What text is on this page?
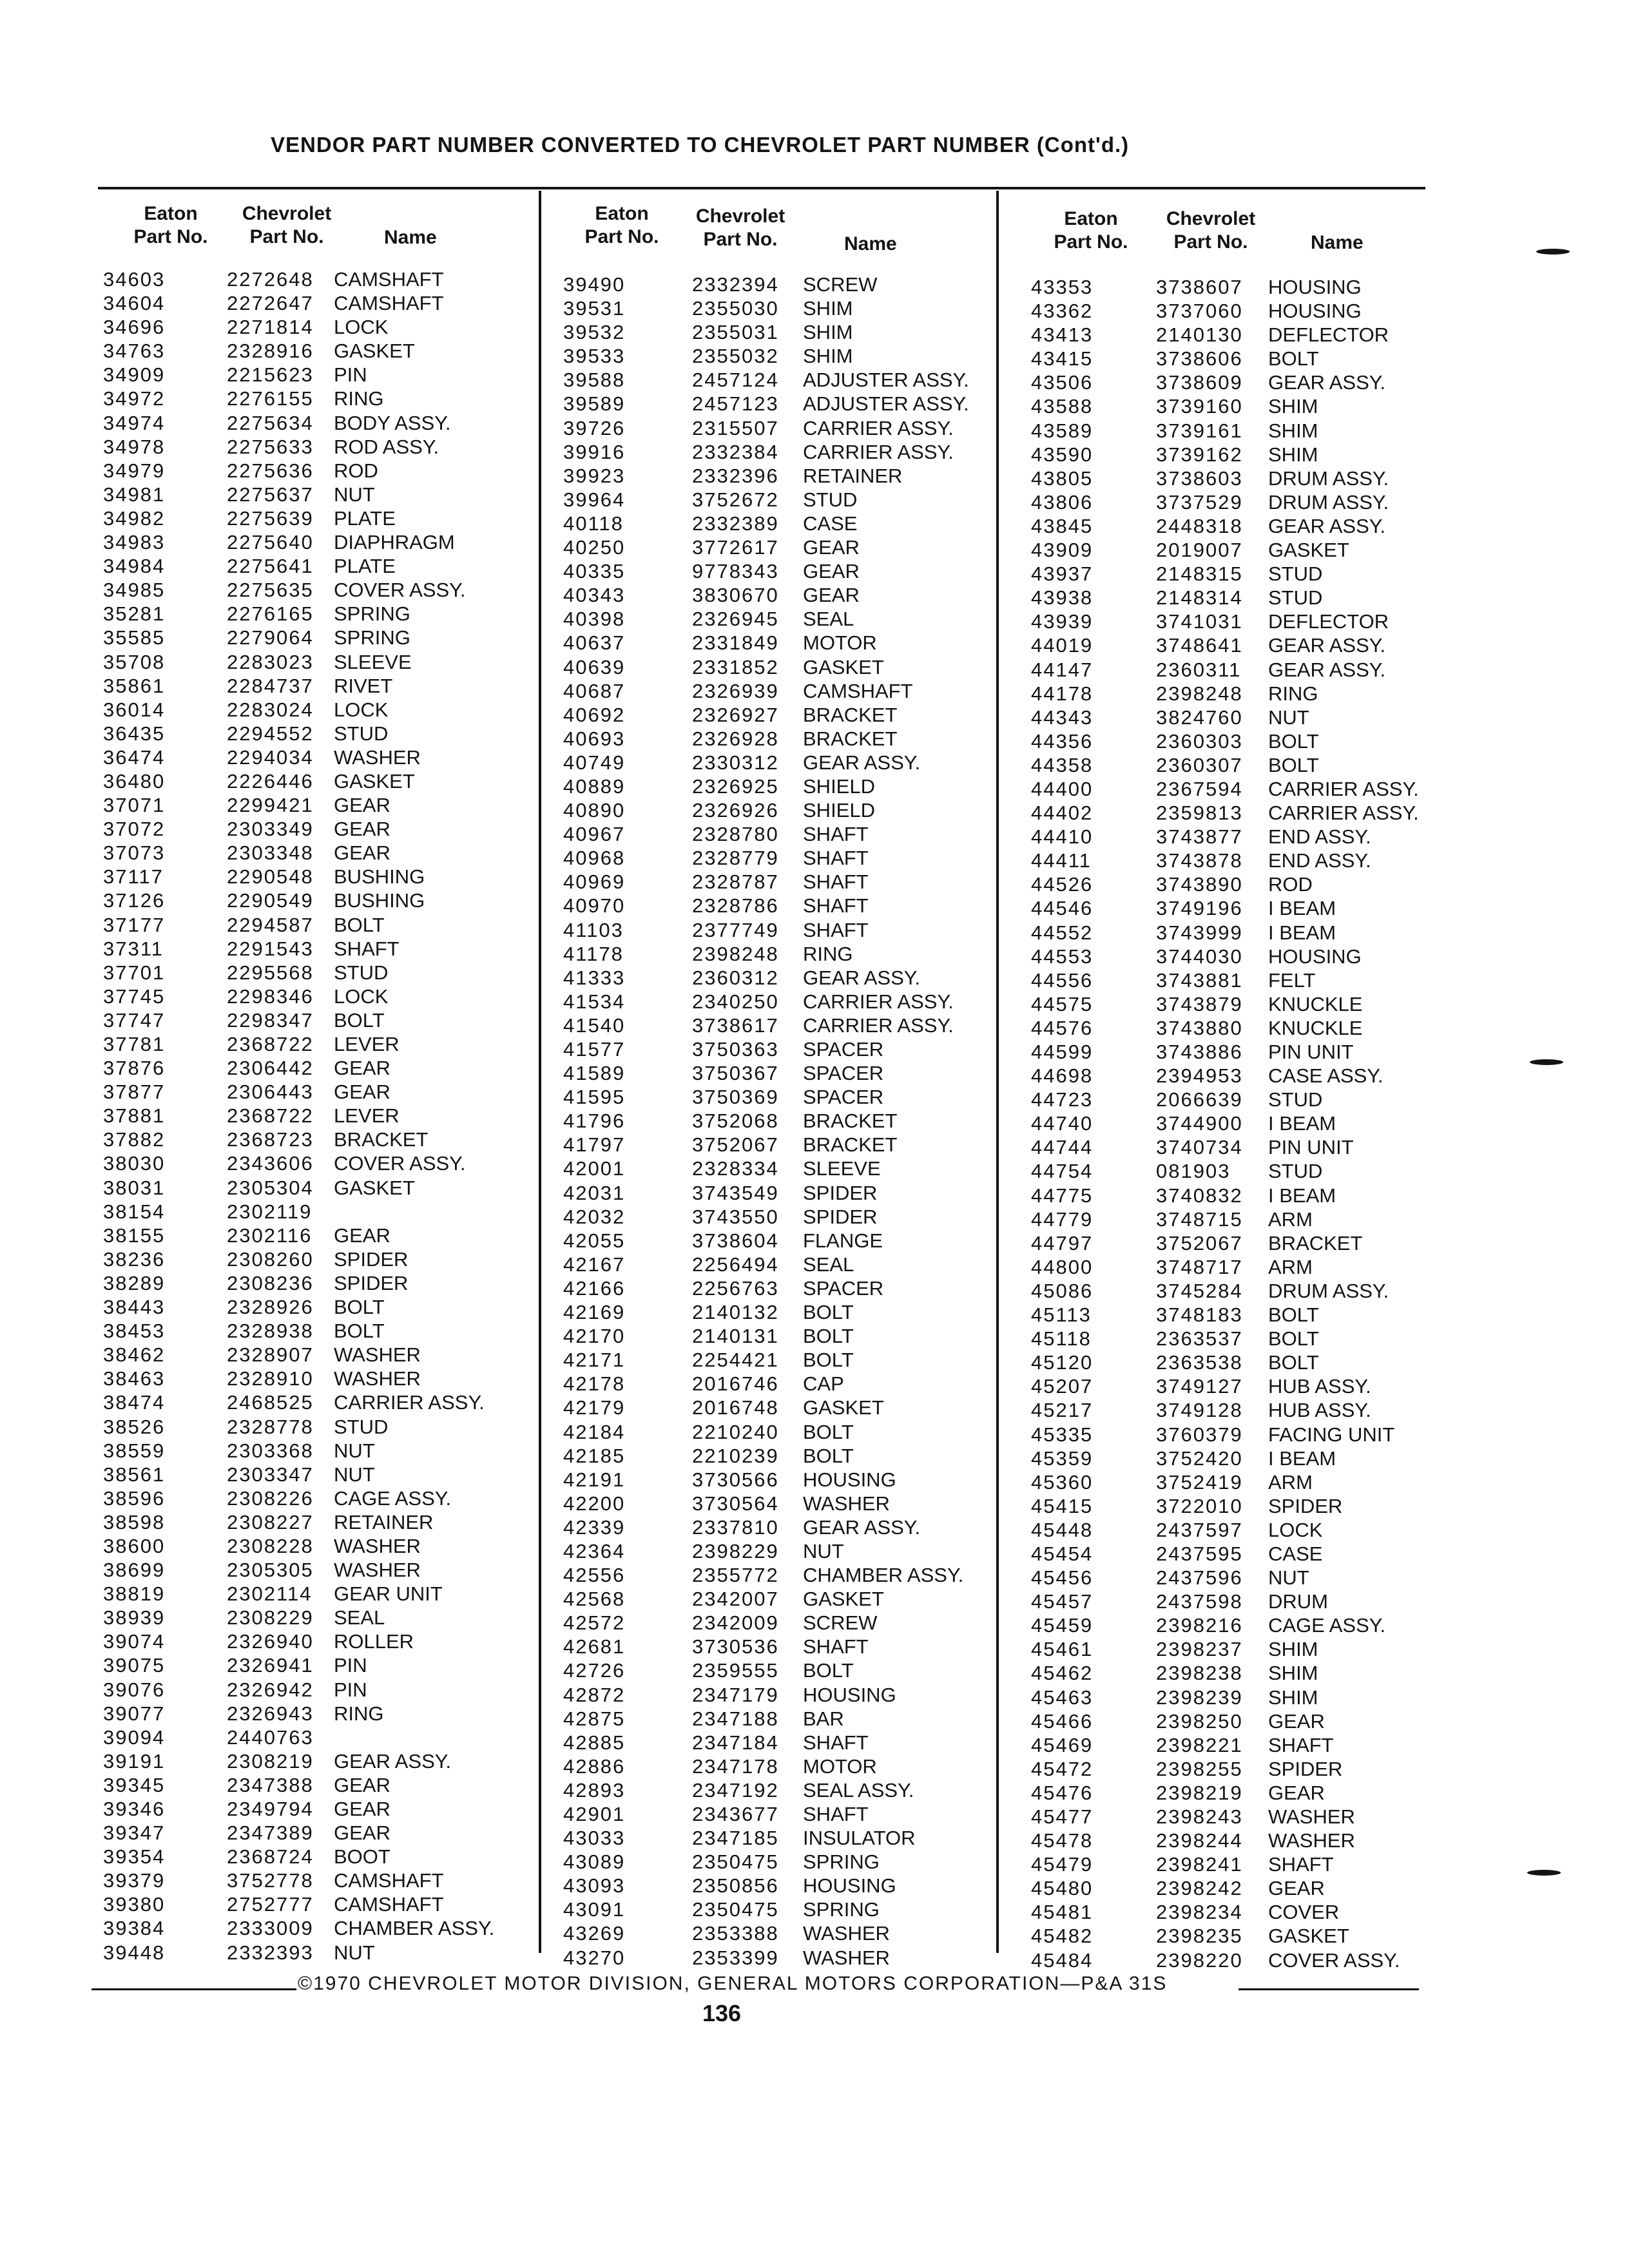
VENDOR PART NUMBER CONVERTED TO CHEVROLET PART NUMBER (Cont'd.)
Eaton
Part No.
Chevrolet
Part No.	Name
34603	2272648 CAMSHAFT
34604	2272647 CAMSHAFT
34696	2271814 LOCK
34763	2328916 GASKET
34909	2215623 PIN
34972	2276155 RING
34974	2275634 BODY ASSY.
34978	2275633 ROD ASSY.
34979	2275636 ROD
34981	2275637 NUT
34982	2275639 PLATE
34983	2275640 DIAPHRAGM
34984	2275641 PLATE
34985	2275635 COVER ASSY.
35281	2276165 SPRING
35585	2279064 SPRING
35708	2283023 SLEEVE
35861	2284737 RIVET
36014	2283024 LOCK
36435	2294552 STUD
36474	2294034 WASHER
36480	2226446 GASKET
37071	2299421 GEAR
37072	2303349 GEAR
37073	2303348 GEAR
37117	2290548 BUSHING
37126	2290549 BUSHING
37177	2294587 BOLT
37311	2291543 SHAFT
37701	2295568 STUD
37745	2298346 LOCK
37747	2298347 BOLT
37781	2368722 LEVER
37876	2306442 GEAR
37877	2306443 GEAR
37881	2368722 LEVER
37882	2368723 BRACKET
38030	2343606 COVER ASSY.
38031	2305304 GASKET
38154	2302119
38155	2302116 GEAR
38236	2308260 SPIDER
38289	2308236 SPIDER
38443	2328926 BOLT
38453	2328938 BOLT
38462	2328907 WASHER
38463	2328910 WASHER
38474	2468525 CARRIER ASSY.
38526	2328778 STUD
38559	2303368 NUT
38561	2303347 NUT
38596	2308226 CAGE ASSY.
38598	2308227 RETAINER
38600	2308228 WASHER
38699	2305305 WASHER
38819	2302114 GEAR UNIT
38939	2308229 SEAL
39074	2326940 ROLLER
39075	2326941 PIN
39076	2326942 PIN
39077	2326943 RING
39094	2440763
39191	2308219 GEAR ASSY.
39345	2347388 GEAR
39346	2349794 GEAR
39347	2347389 GEAR
39354	2368724 BOOT
39379	3752778 CAMSHAFT
39380	2752777 CAMSHAFT
39384	2333009 CHAMBER ASSY.
39448	2332393 NUT
Eaton
Part No.
Chevrolet
Part No.	Name
39490	2332394 SCREW
39531	2355030 SHIM
39532	2355031 SHIM
39533	2355032 SHIM
39588	2457124 ADJUSTER ASSY.
39589	2457123 ADJUSTER ASSY.
39726	2315507 CARRIER ASSY.
39916	2332384 CARRIER ASSY.
39923	2332396 RETAINER
39964	3752672 STUD
40118	2332389 CASE
40250	3772617 GEAR
40335	9778343 GEAR
40343	3830670 GEAR
40398	2326945 SEAL
40637	2331849 MOTOR
40639	2331852 GASKET
40687	2326939 CAMSHAFT
40692	2326927 BRACKET
40693	2326928 BRACKET
40749	2330312 GEAR ASSY.
40889	2326925 SHIELD
40890	2326926 SHIELD
40967	2328780 SHAFT
40968	2328779 SHAFT
40969	2328787 SHAFT
40970	2328786 SHAFT
41103	2377749 SHAFT
41178	2398248 RING
41333	2360312 GEAR ASSY.
41534	2340250 CARRIER ASSY.
41540	3738617 CARRIER ASSY.
41577	3750363 SPACER
41589	3750367 SPACER
41595	3750369 SPACER
41796	3752068 BRACKET
41797	3752067 BRACKET
42001	2328334 SLEEVE
42031	3743549 SPIDER
42032	3743550 SPIDER
42055	3738604 FLANGE
42167	2256494 SEAL
42166	2256763 SPACER
42169	2140132 BOLT
42170	2140131 BOLT
42171	2254421 BOLT
42178	2016746 CAP
42179	2016748 GASKET
42184	2210240 BOLT
42185	2210239 BOLT
42191	3730566 HOUSING
42200	3730564 WASHER
42339	2337810 GEAR ASSY.
42364	2398229 NUT
42556	2355772 CHAMBER ASSY.
42568	2342007 GASKET
42572	2342009 SCREW
42681	3730536 SHAFT
42726	2359555 BOLT
42872	2347179 HOUSING
42875	2347188 BAR
42885	2347184 SHAFT
42886	2347178 MOTOR
42893	2347192 SEAL ASSY.
42901	2343677 SHAFT
43033	2347185 INSULATOR
43089	2350475 SPRING
43093	2350856 HOUSING
43091	2350475 SPRING
43269	2353388 WASHER
43270	2353399 WASHER
Eaton
Part No.
Chevrolet
Part No.	Name
43353	3738607 HOUSING
43362	3737060 HOUSING
43413	2140130 DEFLECTOR
43415	3738606 BOLT
43506	3738609 GEAR ASSY.
43588	3739160 SHIM
43589	3739161 SHIM
43590	3739162 SHIM
43805	3738603 DRUM ASSY.
43806	3737529 DRUM ASSY.
43845	2448318 GEAR ASSY.
43909	2019007 GASKET
43937	2148315 STUD
43938	2148314 STUD
43939	3741031 DEFLECTOR
44019	3748641 GEAR ASSY.
44147	2360311 GEAR ASSY.
44178	2398248 RING
44343	3824760 NUT
44356	2360303 BOLT
44358	2360307 BOLT
44400	2367594 CARRIER ASSY.
44402	2359813 CARRIER ASSY.
44410	3743877 END ASSY.
44411	3743878 END ASSY.
44526	3743890 ROD
44546	3749196 I BEAM
44552	3743999 I BEAM
44553	3744030 HOUSING
44556	3743881 FELT
44575	3743879 KNUCKLE
44576	3743880 KNUCKLE
44599	3743886 PIN UNIT
44698	2394953 CASE ASSY.
44723	2066639 STUD
44740	3744900 I BEAM
44744	3740734 PIN UNIT
44754	081903 STUD
44775	3740832 I BEAM
44779	3748715 ARM
44797	3752067 BRACKET
44800	3748717 ARM
45086	3745284 DRUM ASSY.
45113	3748183 BOLT
45118	2363537 BOLT
45120	2363538 BOLT
45207	3749127 HUB ASSY.
45217	3749128 HUB ASSY.
45335	3760379 FACING UNIT
45359	3752420 I BEAM
45360	3752419 ARM
45415	3722010 SPIDER
45448	2437597 LOCK
45454	2437595 CASE
45456	2437596 NUT
45457	2437598 DRUM
45459	2398216 CAGE ASSY.
45461	2398237 SHIM
45462	2398238 SHIM
45463	2398239 SHIM
45466	2398250 GEAR
45469	2398221 SHAFT
45472	2398255 SPIDER
45476	2398219 GEAR
45477	2398243 WASHER
45478	2398244 WASHER
45479	2398241 SHAFT
45480	2398242 GEAR
45481	2398234 COVER
45482	2398235 GASKET
45484	2398220 COVER ASSY.
©1970 CHEVROLET MOTOR DIVISION, GENERAL MOTORS CORPORATION—P&A 31S
136
